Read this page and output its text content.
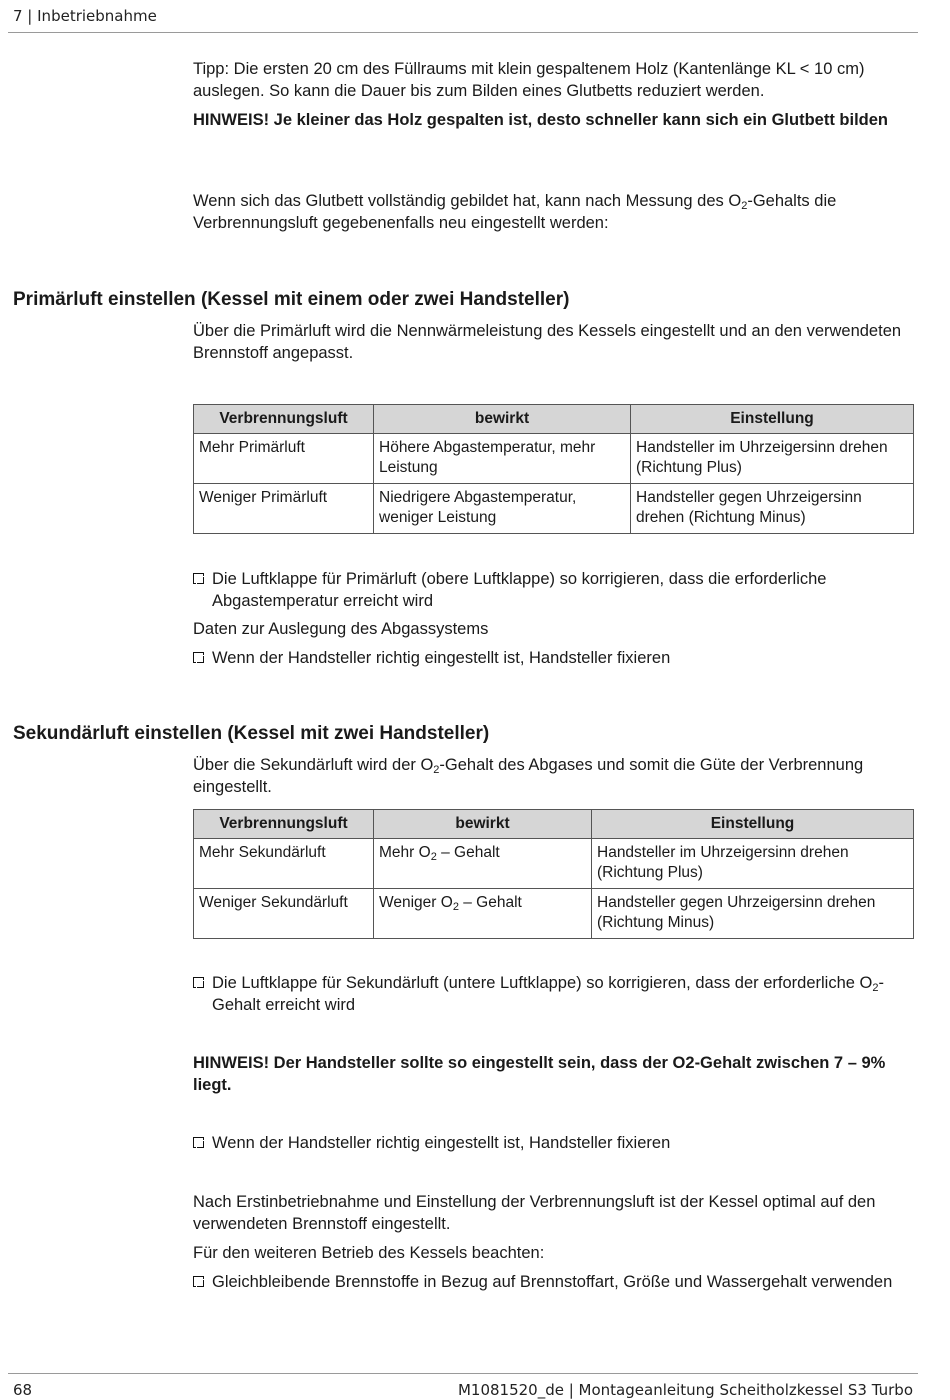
7 | Inbetriebnahme

Tipp: Die ersten 20 cm des Füllraums mit klein gespaltenem Holz (Kantenlänge KL < 10 cm) auslegen. So kann die Dauer bis zum Bilden eines Glutbetts reduziert werden.

HINWEIS! Je kleiner das Holz gespalten ist, desto schneller kann sich ein Glutbett bilden

Wenn sich das Glutbett vollständig gebildet hat, kann nach Messung des $O_2$-Gehalts die Verbrennungsluft gegebenenfalls neu eingestellt werden:

Primärluft einstellen (Kessel mit einem oder zwei Handsteller)

Über die Primärluft wird die Nennwärmeleistung des Kessels eingestellt und an den verwendeten Brennstoff angepasst.

Verbrennungsluft	bewirkt	Einstellung
Mehr Primärluft	Höhere Abgastemperatur, mehr Leistung	Handsteller im Uhrzeigersinn drehen (Richtung Plus)
Weniger Primärluft	Niedrigere Abgastemperatur, weniger Leistung	Handsteller gegen Uhrzeigersinn drehen (Richtung Minus)
Die Luftklappe für Primärluft (obere Luftklappe) so korrigieren, dass die erforderliche Abgastemperatur erreicht wird

Daten zur Auslegung des Abgassystems

Wenn der Handsteller richtig eingestellt ist, Handsteller fixieren
Sekundärluft einstellen (Kessel mit zwei Handsteller)

Über die Sekundärluft wird der $O_2$-Gehalt des Abgases und somit die Güte der Verbrennung eingestellt.

Verbrennungsluft	bewirkt	Einstellung
Mehr Sekundärluft	Mehr $O_2$ – Gehalt	Handsteller im Uhrzeigersinn drehen (Richtung Plus)
Weniger Sekundärluft	Weniger $O_2$ – Gehalt	Handsteller gegen Uhrzeigersinn drehen (Richtung Minus)
Die Luftklappe für Sekundärluft (untere Luftklappe) so korrigieren, dass der erforderliche $O_2$-Gehalt erreicht wird

HINWEIS! Der Handsteller sollte so eingestellt sein, dass der O2-Gehalt zwischen 7 – 9% liegt.

Wenn der Handsteller richtig eingestellt ist, Handsteller fixieren

Nach Erstinbetriebnahme und Einstellung der Verbrennungsluft ist der Kessel optimal auf den verwendeten Brennstoff eingestellt.

Für den weiteren Betrieb des Kessels beachten:

Gleichbleibende Brennstoffe in Bezug auf Brennstoffart, Größe und Wassergehalt verwenden
68	M1081520_de | Montageanleitung Scheitholzkessel S3 Turbo
